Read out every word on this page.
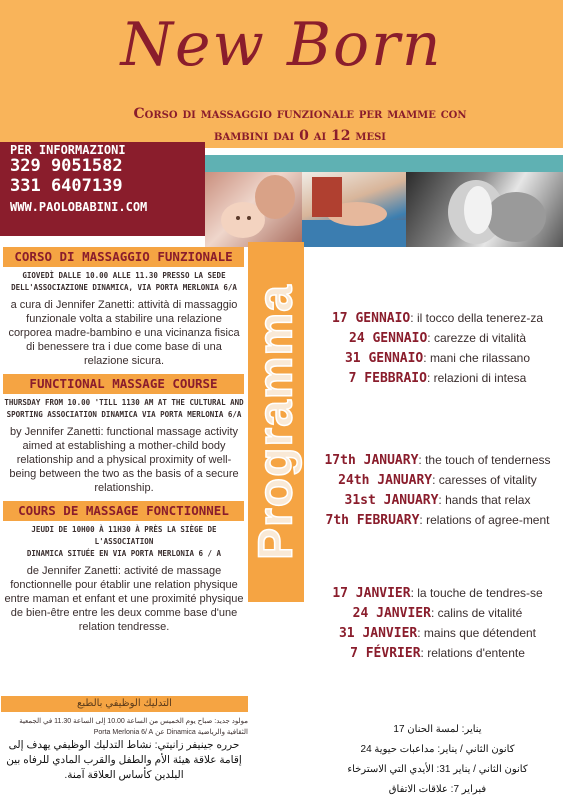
New Born
Corso di massaggio funzionale per mamme con
bambini dai 0 ai 12 mesi
PER INFORMAZIONI
329 9051582
331 6407139
WWW.PAOLOBABINI.COM
Programma
CORSO DI MASSAGGIO FUNZIONALE
GIOVEDÌ DALLE 10.00 ALLE 11.30 PRESSO LA SEDE
DELL'ASSOCIAZIONE DINAMICA, VIA PORTA MERLONIA 6/A
a cura di Jennifer Zanetti: attività di massaggio funzionale volta a stabilire una relazione corporea madre-bambino e una vicinanza fisica di benessere tra i due come base di una relazione sicura.
FUNCTIONAL MASSAGE COURSE
THURSDAY FROM 10.00 'TILL 1130 AM AT THE CULTURAL AND
SPORTING ASSOCIATION DINAMICA VIA PORTA MERLONIA 6/A
by Jennifer Zanetti: functional massage activity aimed at establishing a mother-child body relationship and a physical proximity of well-being between the two as the basis of a secure relationship.
COURS DE MASSAGE FONCTIONNEL
JEUDI DE 10H00 À 11H30 À PRÈS LA SIÈGE DE L'ASSOCIATION
DINAMICA SITUÉE EN VIA PORTA MERLONIA 6 / A
de Jennifer Zanetti: activité de massage fonctionnelle pour établir une relation physique entre maman et enfant et une proximité physique de bien-être entre les deux comme base d'une relation tendresse.
التدليك الوظيفي بالطبع
مولود جديد: صباح يوم الخميس من الساعة 10.00 إلى الساعة 11.30 في الجمعية الثقافية والرياضية Dinamica عن Porta Merlonia 6/ A
حرره جينيفر زانيتي: نشاط التدليك الوظيفي يهدف إلى إقامة علاقة هيئة الأم والطفل والقرب المادي للرفاه بين البلدين كأساس العلاقة آمنة.
17 GENNAIO: il tocco della tenerez-za
24 GENNAIO: carezze di vitalità
31 GENNAIO: mani che rilassano
7 FEBBRAIO: relazioni di intesa
17th JANUARY: the touch of tenderness
24th JANUARY: caresses of vitality
31st JANUARY: hands that relax
7th FEBRUARY: relations of agree-ment
17 JANVIER: la touche de tendres-se
24 JANVIER: calins de vitalité
31 JANVIER: mains que détendent
7 FÉVRIER: relations d'entente
يناير: لمسة الحنان 17
كانون الثاني / يناير: مداعبات حيوية 24
كانون الثاني / يناير 31: الأيدي التي الاسترخاء
فبراير 7: علاقات الاتفاق
